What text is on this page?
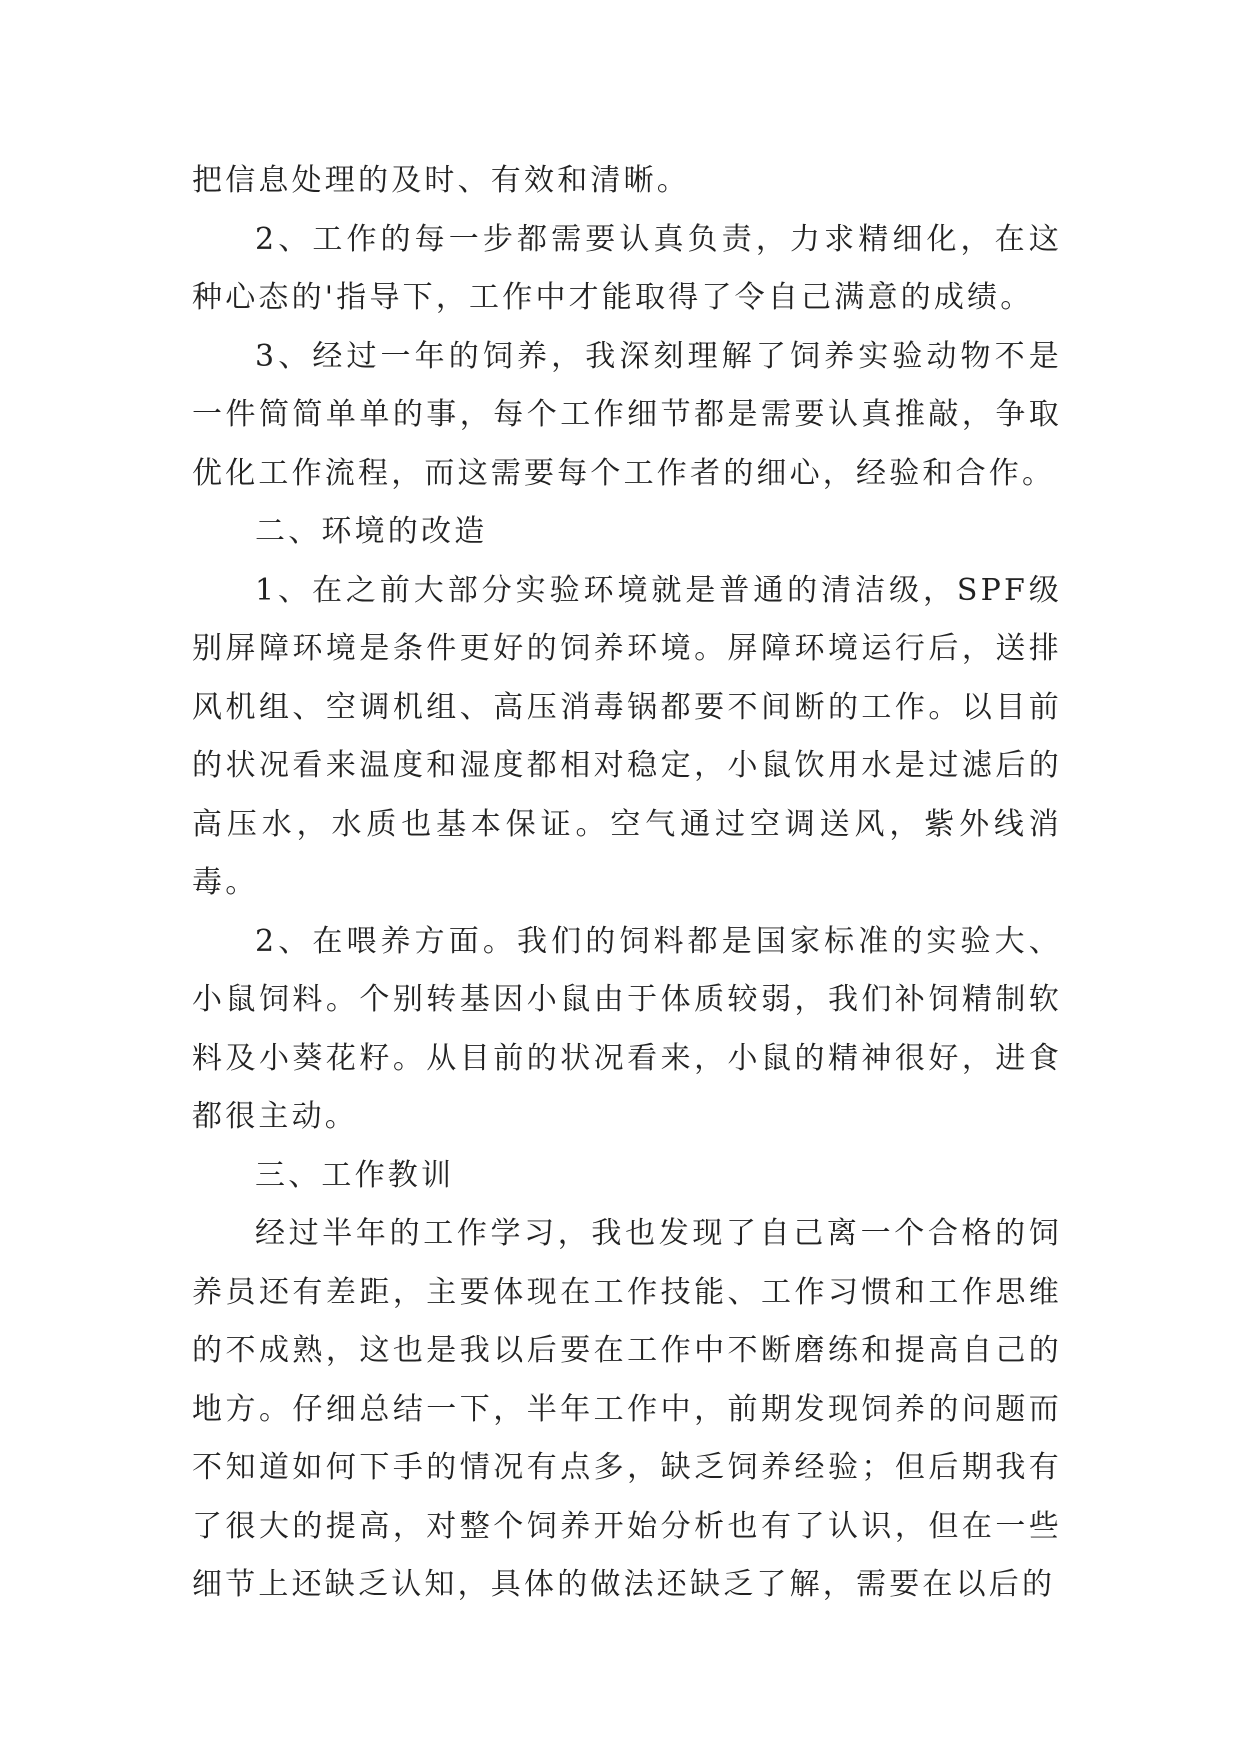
把信息处理的及时、有效和清晰。

2、工作的每一步都需要认真负责，力求精细化，在这种心态的'指导下，工作中才能取得了令自己满意的成绩。

3、经过一年的饲养，我深刻理解了饲养实验动物不是一件简简单单的事，每个工作细节都是需要认真推敲，争取优化工作流程，而这需要每个工作者的细心，经验和合作。

二、环境的改造

1、在之前大部分实验环境就是普通的清洁级，SPF级别屏障环境是条件更好的饲养环境。屏障环境运行后，送排风机组、空调机组、高压消毒锅都要不间断的工作。以目前的状况看来温度和湿度都相对稳定，小鼠饮用水是过滤后的高压水，水质也基本保证。空气通过空调送风，紫外线消毒。

2、在喂养方面。我们的饲料都是国家标准的实验大、小鼠饲料。个别转基因小鼠由于体质较弱，我们补饲精制软料及小葵花籽。从目前的状况看来，小鼠的精神很好，进食都很主动。

三、工作教训

经过半年的工作学习，我也发现了自己离一个合格的饲养员还有差距，主要体现在工作技能、工作习惯和工作思维的不成熟，这也是我以后要在工作中不断磨练和提高自己的地方。仔细总结一下，半年工作中，前期发现饲养的问题而不知道如何下手的情况有点多，缺乏饲养经验；但后期我有了很大的提高，对整个饲养开始分析也有了认识，但在一些细节上还缺乏认知，具体的做法还缺乏了解，需要在以后的
